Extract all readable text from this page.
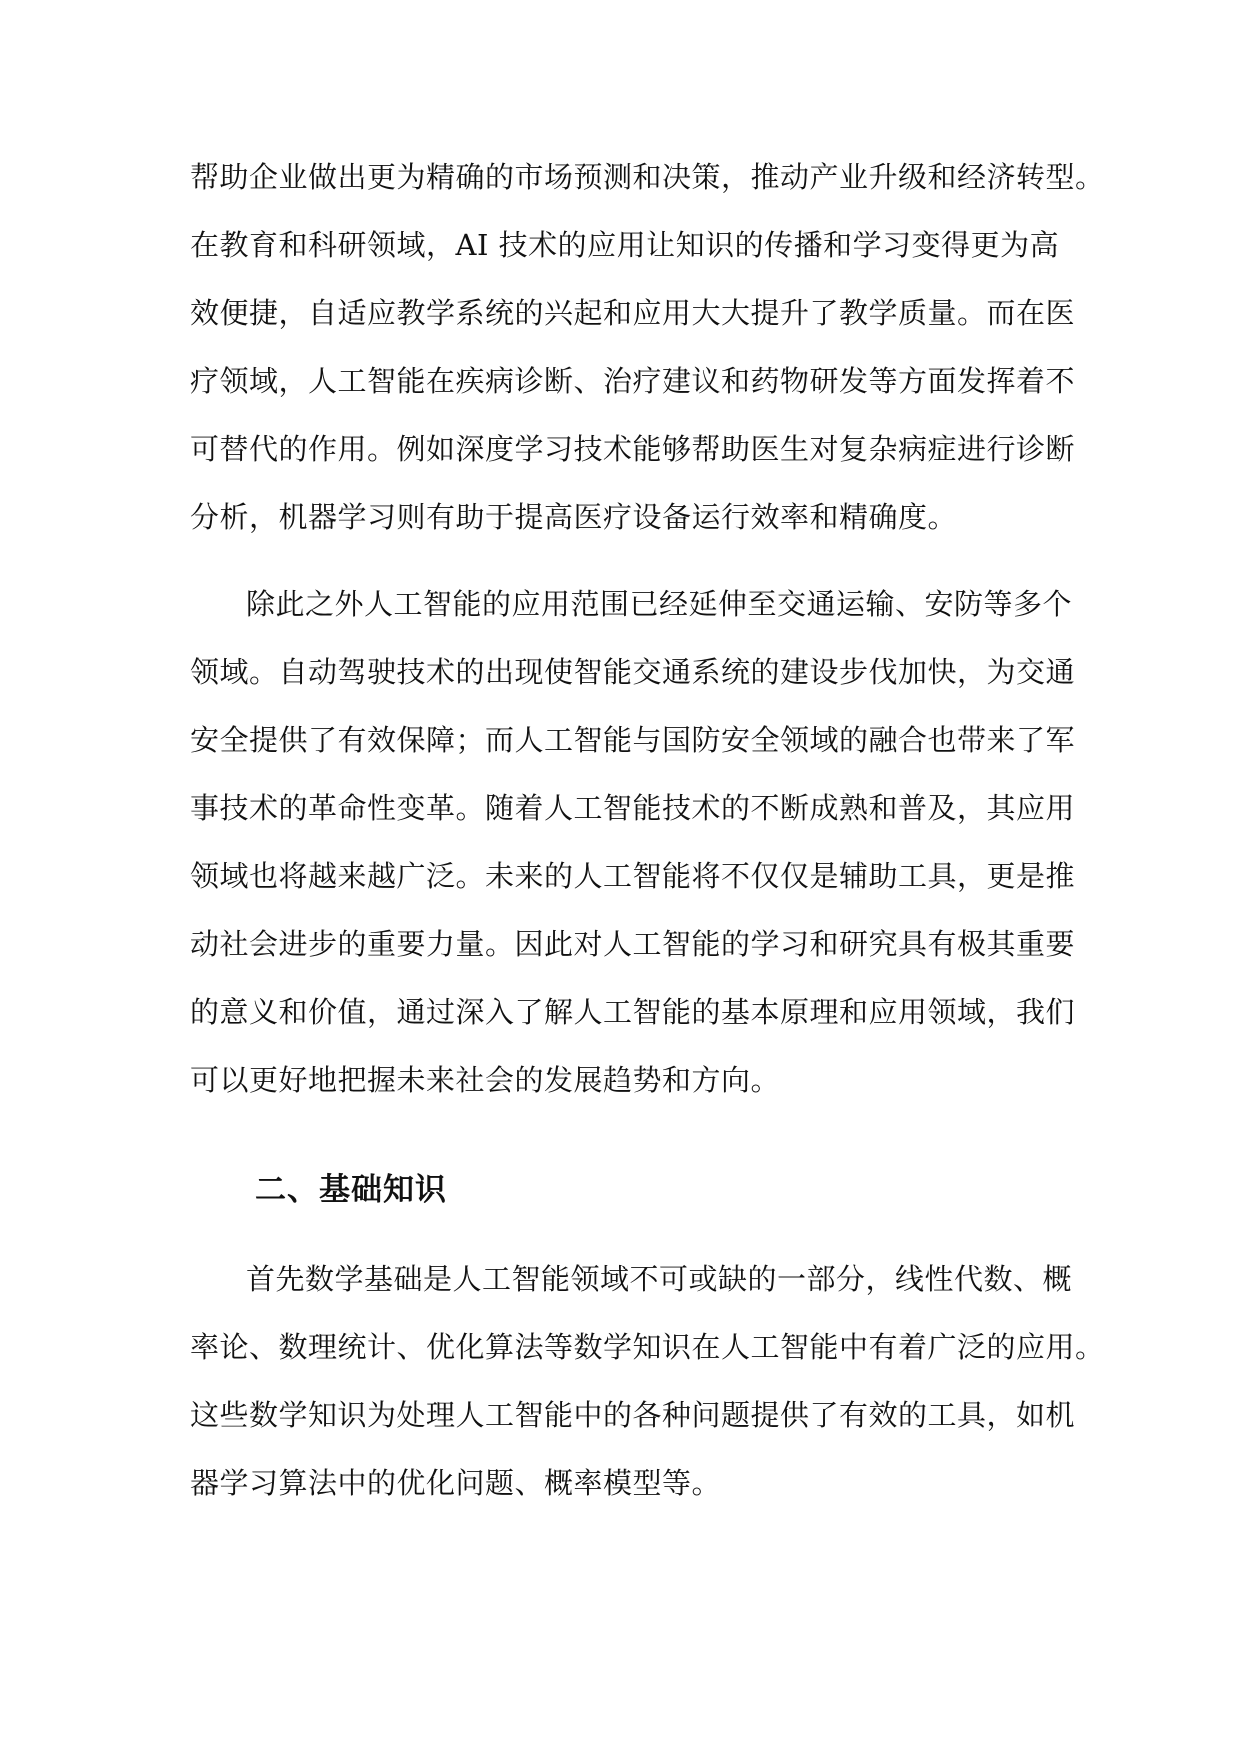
帮助企业做出更为精确的市场预测和决策，推动产业升级和经济转型。
在教育和科研领域，AI 技术的应用让知识的传播和学习变得更为高
效便捷，自适应教学系统的兴起和应用大大提升了教学质量。而在医
疗领域，人工智能在疾病诊断、治疗建议和药物研发等方面发挥着不
可替代的作用。例如深度学习技术能够帮助医生对复杂病症进行诊断
分析，机器学习则有助于提高医疗设备运行效率和精确度。
除此之外人工智能的应用范围已经延伸至交通运输、安防等多个
领域。自动驾驶技术的出现使智能交通系统的建设步伐加快，为交通
安全提供了有效保障；而人工智能与国防安全领域的融合也带来了军
事技术的革命性变革。随着人工智能技术的不断成熟和普及，其应用
领域也将越来越广泛。未来的人工智能将不仅仅是辅助工具，更是推
动社会进步的重要力量。因此对人工智能的学习和研究具有极其重要
的意义和价值，通过深入了解人工智能的基本原理和应用领域，我们
可以更好地把握未来社会的发展趋势和方向。
二、基础知识
首先数学基础是人工智能领域不可或缺的一部分，线性代数、概
率论、数理统计、优化算法等数学知识在人工智能中有着广泛的应用。
这些数学知识为处理人工智能中的各种问题提供了有效的工具，如机
器学习算法中的优化问题、概率模型等。
